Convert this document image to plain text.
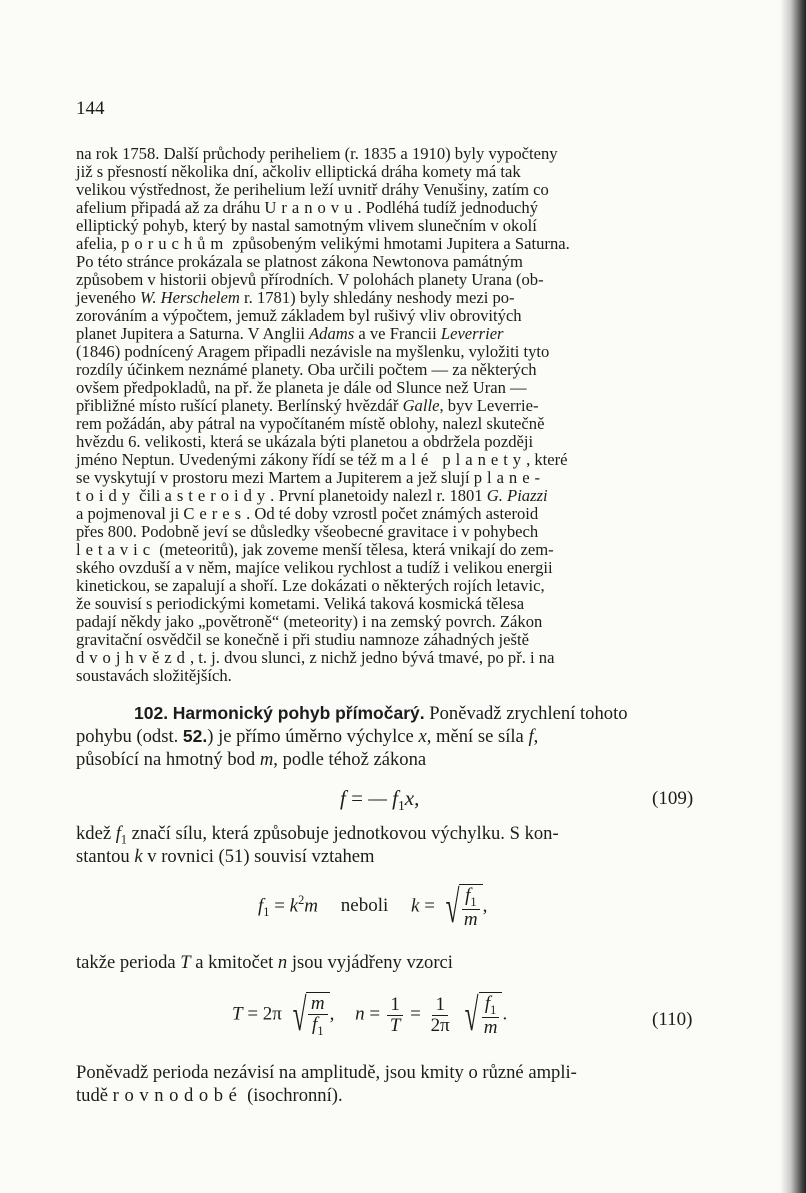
144
na rok 1758. Další průchody periheliem (r. 1835 a 1910) byly vypočteny
již s přesností několika dní, ačkoliv elliptická dráha komety má tak
velikou výstřednost, že perihelium leží uvnitř dráhy Venušiny, zatím co
afelium připadá až za dráhu Uranovu. Podléhá tudíž jednoduchý
elliptický pohyb, který by nastal samotným vlivem slunečním v okolí
afelia, poruchům způsobeným velikými hmotami Jupitera a Saturna.
Po této stránce prokázala se platnost zákona Newtonova památným
způsobem v historii objevů přírodních. V polohách planety Urana (ob-
jeveného W. Herschelem r. 1781) byly shledány neshody mezi po-
zorováním a výpočtem, jemuž základem byl rušivý vliv obrovitých
planet Jupitera a Saturna. V Anglii Adams a ve Francii Leverrier
(1846) podnícený Aragem připadli nezávisle na myšlenku, vyložiti tyto
rozdíly účinkem neznámé planety. Oba určili počtem — za některých
ovšem předpokladů, na př. že planeta je dále od Slunce než Uran —
přibližné místo rušící planety. Berlínský hvězdář Galle, byv Leverrie-
rem požádán, aby pátral na vypočítaném místě oblohy, nalezl skutečně
hvězdu 6. velikosti, která se ukázala býti planetou a obdržela později
jméno Neptun. Uvedenými zákony řídí se též malé planety, které
se vyskytují v prostoru mezi Martem a Jupiterem a jež slují plane-
toidy čili asteroidy. První planetoidy nalezl r. 1801 G. Piazzi
a pojmenoval ji Ceres. Od té doby vzrostl počet známých asteroid
přes 800. Podobně jeví se důsledky všeobecné gravitace i v pohybech
letavic (meteoritů), jak zoveme menší tělesa, která vnikají do zem-
ského ovzduší a v něm, majíce velikou rychlost a tudíž i velikou energii
kinetickou, se zapalují a shoří. Lze dokázati o některých rojích letavic,
že souvisí s periodickými kometami. Veliká taková kosmická tělesa
padají někdy jako „povětroně“ (meteority) i na zemský povrch. Zákon
gravitační osvědčil se konečně i při studiu namnoze záhadných ještě
dvojhvězd, t. j. dvou slunci, z nichž jedno bývá tmavé, po př. i na
soustavách složitějších.
102. Harmonický pohyb přímočarý. Poněvadž zrychlení tohoto
pohybu (odst. 52.) je přímo úměrno výchylce x, mění se síla f,
působící na hmotný bod m, podle téhož zákona
f = — $f_1x$,	(109)
kdež $f_1$ značí sílu, která způsobuje jednotkovou výchylku. S kon-
stantou k v rovnici (51) souvisí vztahem
$f_1 = k^2m$ neboli k = √ $\frac{f_1}{m}$ ,
takže perioda T a kmitočet n jsou vyjádřeny vzorci
T = 2π √ $\frac{m}{f_1}$ , $n = \frac{1}{T} = \frac{1}{2\pi}$
√ $\frac{f_1}{m}$ .	(110)
Poněvadž perioda nezávisí na amplitudě, jsou kmity o různé ampli-
tudě rovnodobé (isochronní).
